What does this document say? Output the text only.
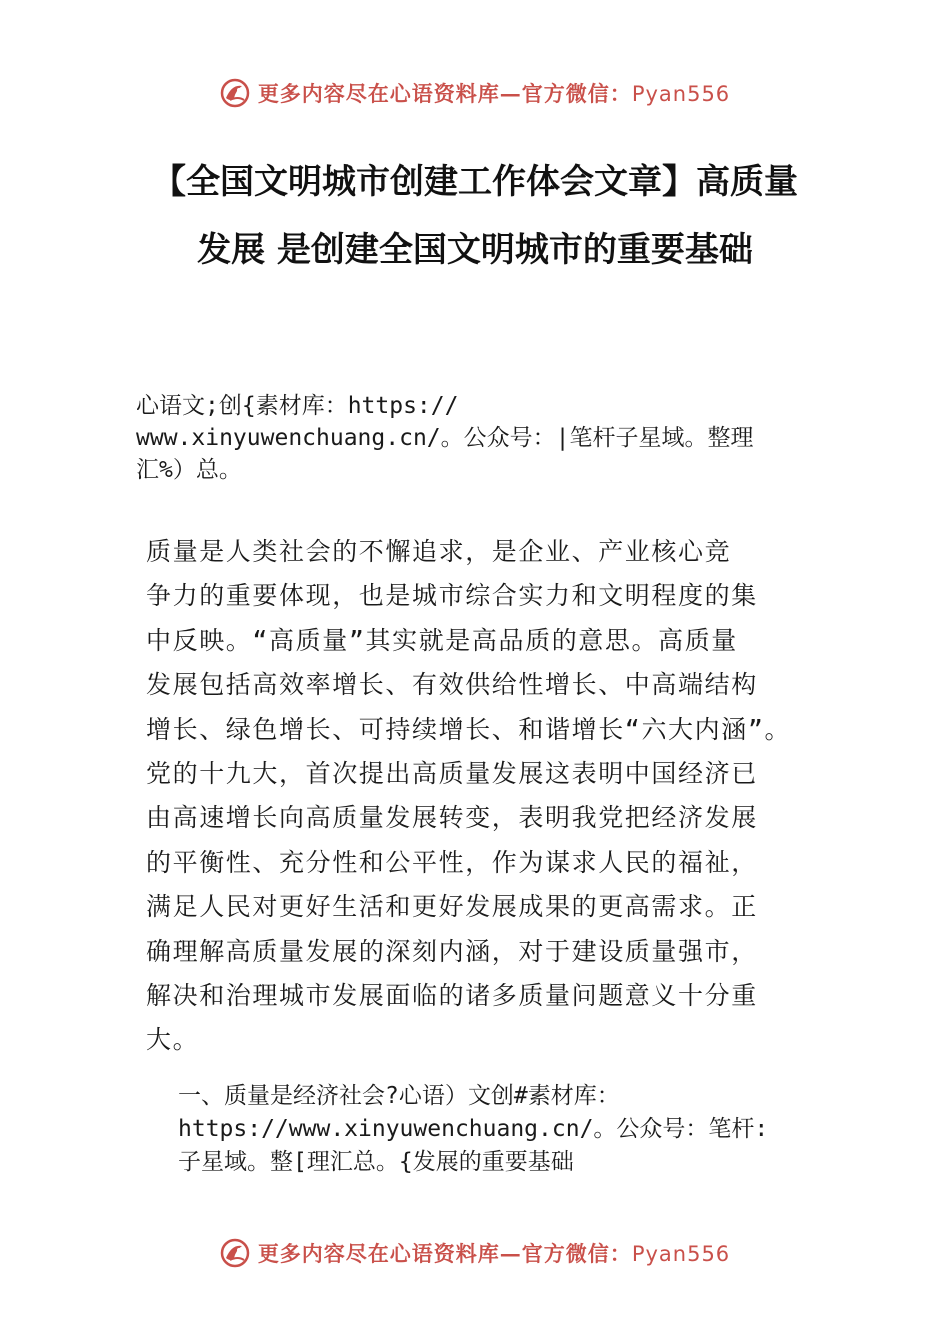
更多内容尽在心语资料库—官方微信：Pyan556
【全国文明城市创建工作体会文章】高质量
发展 是创建全国文明城市的重要基础
心语文;创{素材库：https://
www.xinyuwenchuang.cn/。公众号：|笔杆子星域。整理
汇%）总。
质量是人类社会的不懈追求，是企业、产业核心竞
争力的重要体现，也是城市综合实力和文明程度的集
中反映。“高质量”其实就是高品质的意思。高质量
发展包括高效率增长、有效供给性增长、中高端结构
增长、绿色增长、可持续增长、和谐增长“六大内涵”。
党的十九大，首次提出高质量发展这表明中国经济已
由高速增长向高质量发展转变，表明我党把经济发展
的平衡性、充分性和公平性，作为谋求人民的福祉，
满足人民对更好生活和更好发展成果的更高需求。正
确理解高质量发展的深刻内涵，对于建设质量强市，
解决和治理城市发展面临的诸多质量问题意义十分重
大。
一、质量是经济社会?心语）文创#素材库：
https://www.xinyuwenchuang.cn/。公众号：笔杆:
子星域。整[理汇总。{发展的重要基础
更多内容尽在心语资料库—官方微信：Pyan556
